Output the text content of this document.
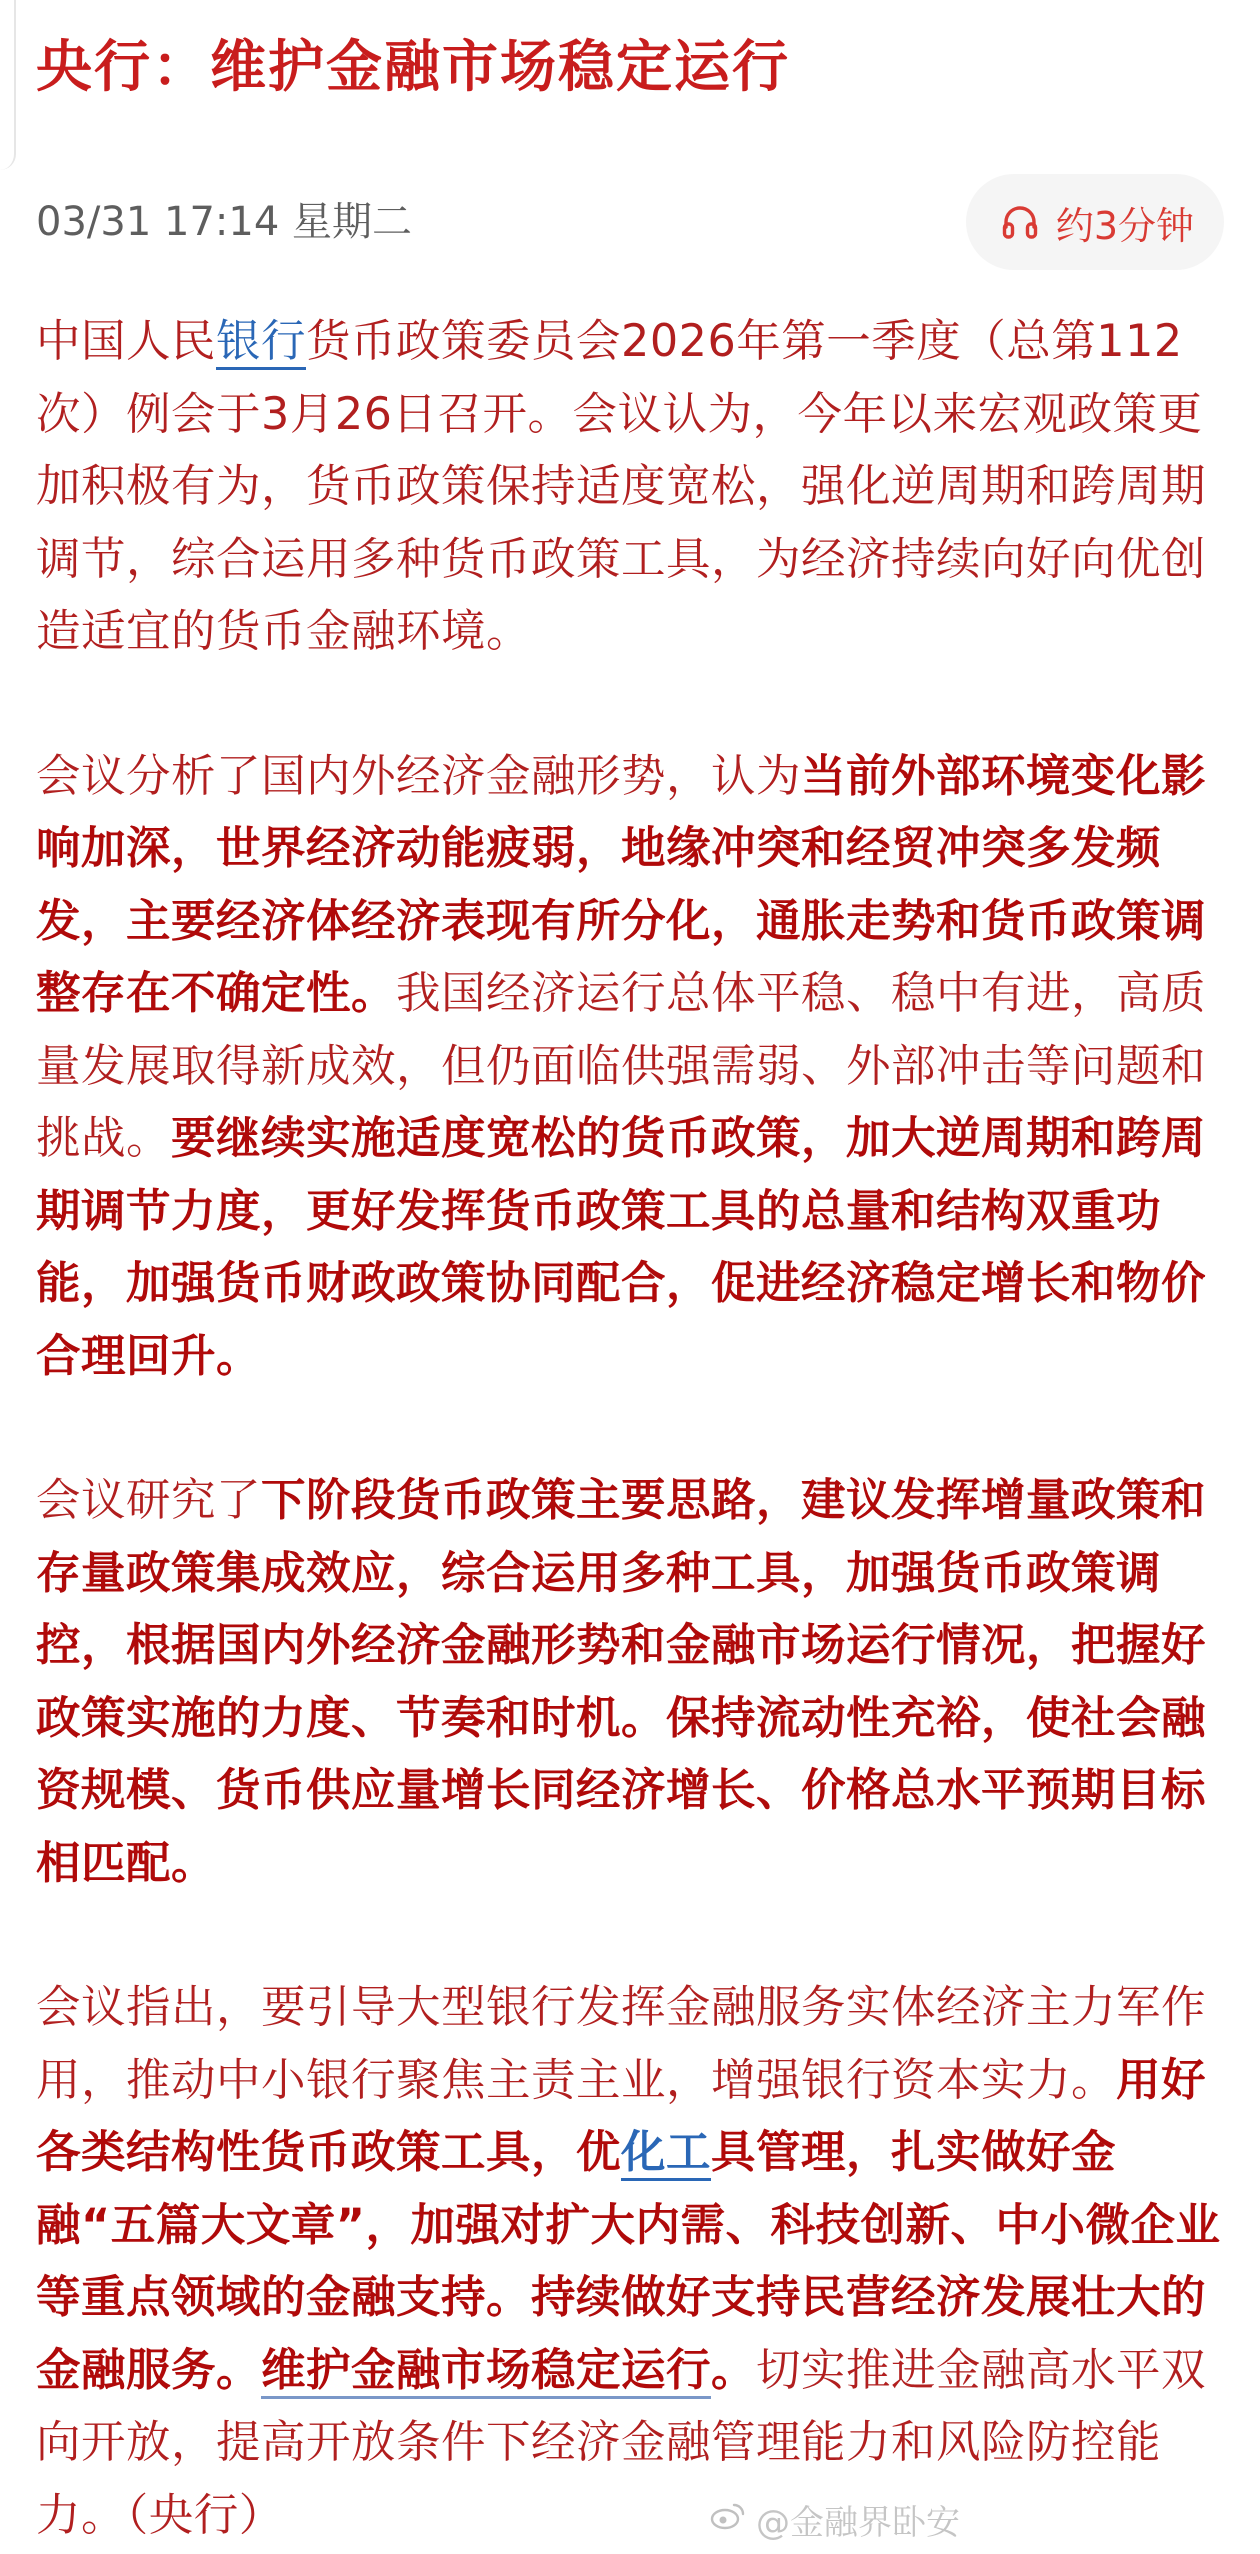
央行：维护金融市场稳定运行
03/31 17:14 星期二	约3分钟

中国人民银行货币政策委员会2026年第一季度（总第112次）例会于3月26日召开。会议认为，今年以来宏观政策更加积极有为，货币政策保持适度宽松，强化逆周期和跨周期调节，综合运用多种货币政策工具，为经济持续向好向优创造适宜的货币金融环境。

会议分析了国内外经济金融形势，认为当前外部环境变化影响加深，世界经济动能疲弱，地缘冲突和经贸冲突多发频发，主要经济体经济表现有所分化，通胀走势和货币政策调整存在不确定性。我国经济运行总体平稳、稳中有进，高质量发展取得新成效，但仍面临供强需弱、外部冲击等问题和挑战。要继续实施适度宽松的货币政策，加大逆周期和跨周期调节力度，更好发挥货币政策工具的总量和结构双重功能，加强货币财政政策协同配合，促进经济稳定增长和物价合理回升。

会议研究了下阶段货币政策主要思路，建议发挥增量政策和存量政策集成效应，综合运用多种工具，加强货币政策调控，根据国内外经济金融形势和金融市场运行情况，把握好政策实施的力度、节奏和时机。保持流动性充裕，使社会融资规模、货币供应量增长同经济增长、价格总水平预期目标相匹配。

会议指出，要引导大型银行发挥金融服务实体经济主力军作用，推动中小银行聚焦主责主业，增强银行资本实力。用好各类结构性货币政策工具，优化工具管理，扎实做好金融“五篇大文章”，加强对扩大内需、科技创新、中小微企业等重点领域的金融支持。持续做好支持民营经济发展壮大的金融服务。维护金融市场稳定运行。切实推进金融高水平双向开放，提高开放条件下经济金融管理能力和风险防控能力。（央行）	@金融界卧安
